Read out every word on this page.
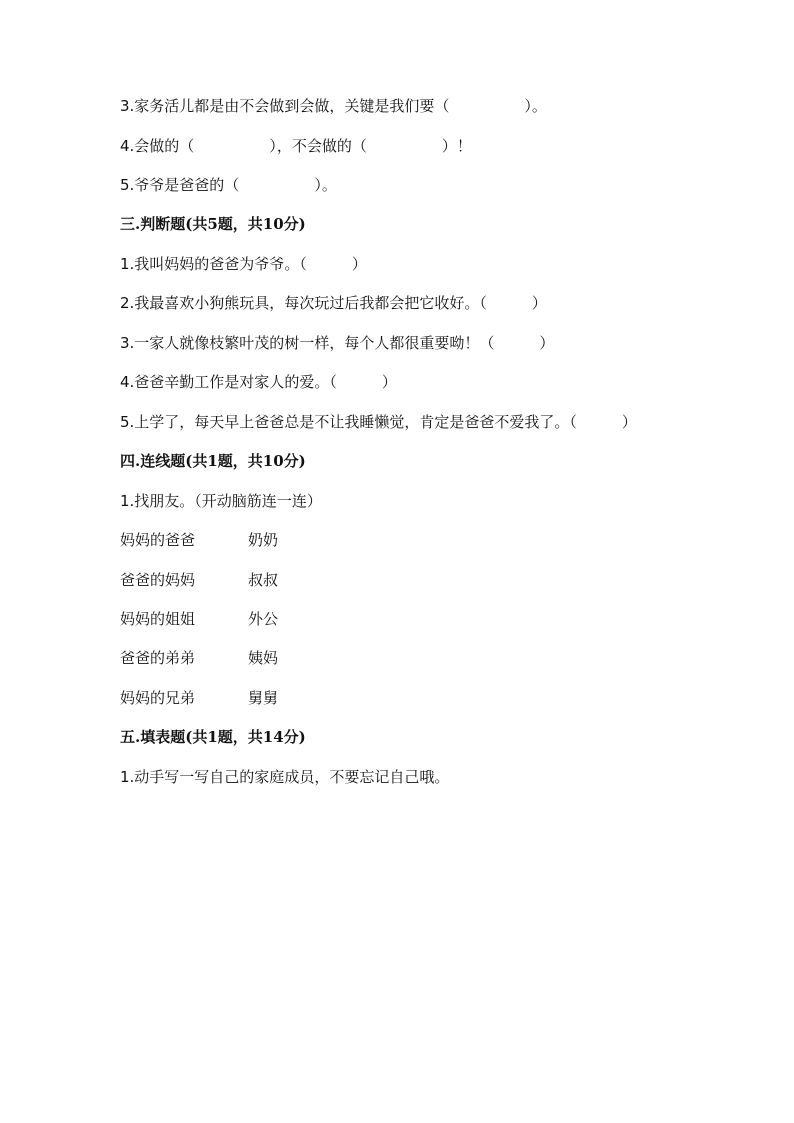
3.家务活儿都是由不会做到会做，关键是我们要（　　　　　）。
4.会做的（　　　　　），不会做的（　　　　　）！
5.爷爷是爸爸的（　　　　　）。
三.判断题(共5题，共10分)
1.我叫妈妈的爸爸为爷爷。（　　　）
2.我最喜欢小狗熊玩具，每次玩过后我都会把它收好。（　　　）
3.一家人就像枝繁叶茂的树一样，每个人都很重要呦！（　　　）
4.爸爸辛勤工作是对家人的爱。（　　　）
5.上学了，每天早上爸爸总是不让我睡懒觉，肯定是爸爸不爱我了。（　　　）
四.连线题(共1题，共10分)
1.找朋友。（开动脑筋连一连）
妈妈的爸爸	奶奶
爸爸的妈妈	叔叔
妈妈的姐姐	外公
爸爸的弟弟	姨妈
妈妈的兄弟	舅舅
五.填表题(共1题，共14分)
1.动手写一写自己的家庭成员，不要忘记自己哦。
